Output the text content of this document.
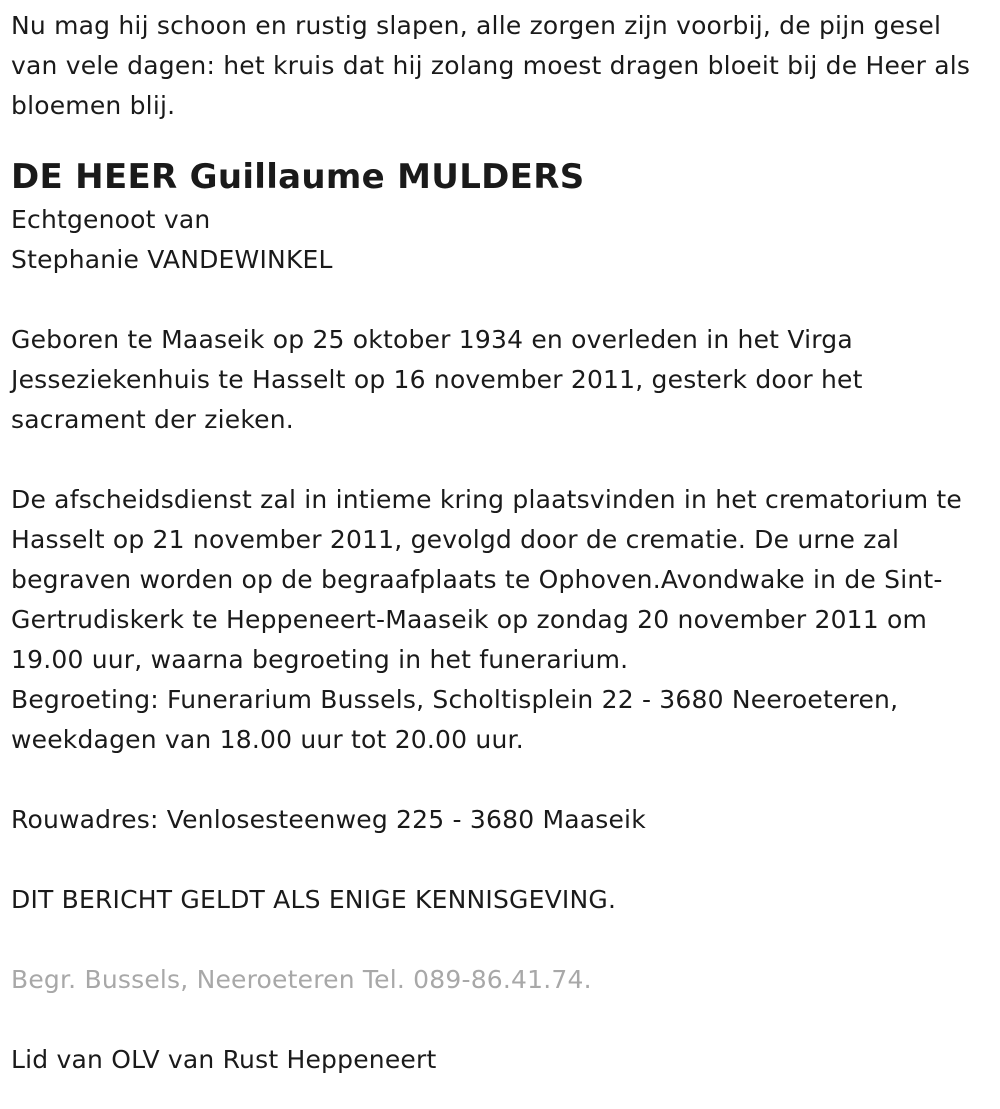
Nu mag hij schoon en rustig slapen, alle zorgen zijn voorbij, de pijn gesel van vele dagen: het kruis dat hij zolang moest dragen bloeit bij de Heer als bloemen blij.

DE HEER Guillaume MULDERS

Echtgenoot van

Stephanie VANDEWINKEL

Geboren te Maaseik op 25 oktober 1934 en overleden in het Virga Jesseziekenhuis te Hasselt op 16 november 2011, gesterk door het sacrament der zieken.

De afscheidsdienst zal in intieme kring plaatsvinden in het crematorium te Hasselt op 21 november 2011, gevolgd door de crematie. De urne zal begraven worden op de begraafplaats te Ophoven.Avondwake in de Sint-Gertrudiskerk te Heppeneert-Maaseik op zondag 20 november 2011 om 19.00 uur, waarna begroeting in het funerarium.

Begroeting: Funerarium Bussels, Scholtisplein 22 - 3680 Neeroeteren, weekdagen van 18.00 uur tot 20.00 uur.

Rouwadres: Venlosesteenweg 225 - 3680 Maaseik

DIT BERICHT GELDT ALS ENIGE KENNISGEVING.

Begr. Bussels, Neeroeteren Tel. 089-86.41.74.

Lid van OLV van Rust Heppeneert
